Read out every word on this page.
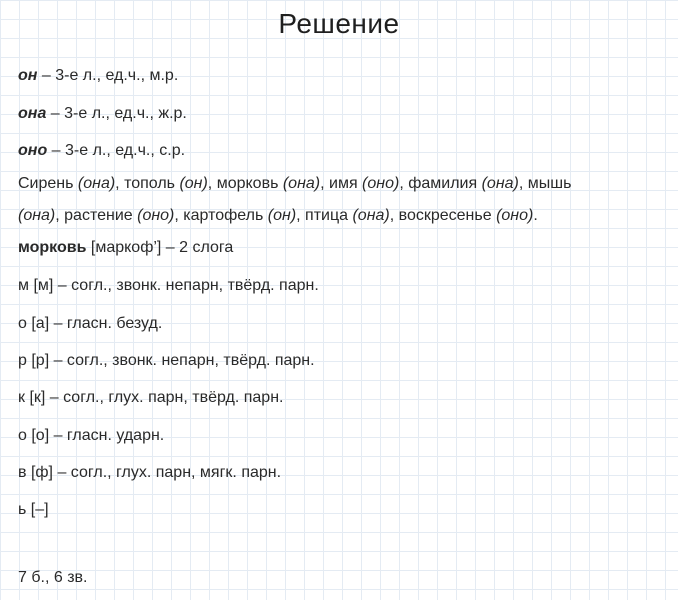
Решение
он – 3-е л., ед.ч., м.р.
она – 3-е л., ед.ч., ж.р.
оно – 3-е л., ед.ч., с.р.
Сирень (она), тополь (он), морковь (она), имя (оно), фамилия (она), мышь
(она), растение (оно), картофель (он), птица (она), воскресенье (оно).
морковь [маркоф’] – 2 слога
м [м] – согл., звонк. непарн, твёрд. парн.
о [а] – гласн. безуд.
р [р] – согл., звонк. непарн, твёрд. парн.
к [к] – согл., глух. парн, твёрд. парн.
о [о] – гласн. ударн.
в [ф] – согл., глух. парн, мягк. парн.
ь [–]
7 б., 6 зв.
